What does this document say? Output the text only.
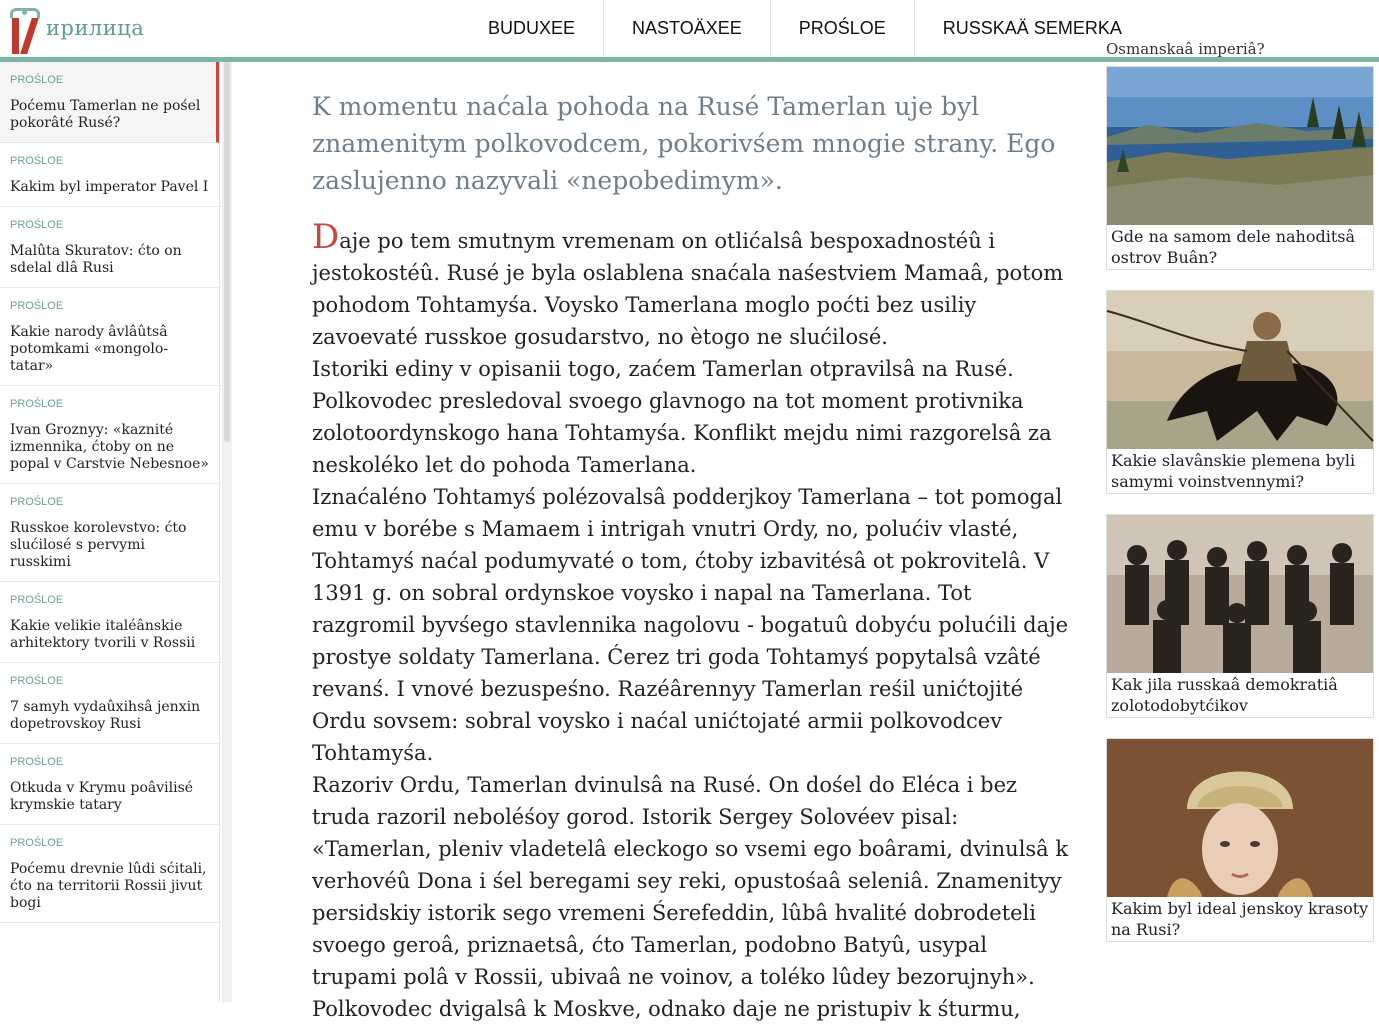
ирилица	BUDUXEE	NASTOÄXEE	PROŚLOE	RUSSKAÄ SEMERKA
PROŚLOE
Poćemu Tamerlan ne pośel pokorâté Rusé?
PROŚLOE
Kakim byl imperator Pavel I
PROŚLOE
Malûta Skuratov: ćto on sdelal dlâ Rusi
PROŚLOE
Kakie narody âvlâûtsâ potomkami «mongolo-tatar»
PROŚLOE
Ivan Groznyy: «kaznité izmennika, ćtoby on ne popal v Carstvie Nebesnoe»
PROŚLOE
Russkoe korolevstvo: ćto slućilosé s pervymi russkimi
PROŚLOE
Kakie velikie italéânskie arhitektory tvorili v Rossii
PROŚLOE
7 samyh vydaûxihsâ jenxin dopetrovskoy Rusi
PROŚLOE
Otkuda v Krymu poâvilisé krymskie tatary
PROŚLOE
Poćemu drevnie lûdi sćitali, ćto na territorii Rossii jivut bogi
K momentu naćala pohoda na Rusé Tamerlan uje byl znamenitym polkovodcem, pokorivśem mnogie strany. Ego zaslujenno nazyvali «nepobedimym».

Daje po tem smutnym vremenam on otlićalsâ bespoxadnostéû i jestokostéû. Rusé je byla oslablena snaćala naśestviem Mamaâ, potom pohodom Tohtamyśa. Voysko Tamerlana moglo poćti bez usiliy zavoevaté russkoe gosudarstvo, no ètogo ne slućilosé.

Istoriki ediny v opisanii togo, zaćem Tamerlan otpravilsâ na Rusé. Polkovodec presledoval svoego glavnogo na tot moment protivnika zolotoordynskogo hana Tohtamyśa. Konflikt mejdu nimi razgorelsâ za neskoléko let do pohoda Tamerlana.

Iznaćaléno Tohtamyś polézovalsâ podderjkoy Tamerlana – tot pomogal emu v borébe s Mamaem i intrigah vnutri Ordy, no, polućiv vlasté, Tohtamyś naćal podumyvaté o tom, ćtoby izbavitésâ ot pokrovitelâ. V 1391 g. on sobral ordynskoe voysko i napal na Tamerlana. Tot razgromil byvśego stavlennika nagolovu - bogatuû dobyću polućili daje prostye soldaty Tamerlana. Ćerez tri goda Tohtamyś popytalsâ vzâté revanś. I vnové bezuspeśno. Razéârennyy Tamerlan reśil unićtojité Ordu sovsem: sobral voysko i naćal unićtojaté armii polkovodcev Tohtamyśa.

Razoriv Ordu, Tamerlan dvinulsâ na Rusé. On dośel do Eléca i bez truda razoril neboléśoy gorod. Istorik Sergey Solovéev pisal: «Tamerlan, pleniv vladetelâ eleckogo so vsemi ego boârami, dvinulsâ k verhovéû Dona i śel beregami sey reki, opustośaâ seleniâ. Znamenityy persidskiy istorik sego vremeni Śerefeddin, lûbâ hvalité dobrodeteli svoego geroâ, priznaetsâ, ćto Tamerlan, podobno Batyû, usypal trupami polâ v Rossii, ubivaâ ne voinov, a toléko lûdey bezorujnyh».

Polkovodec dvigalsâ k Moskve, odnako daje ne pristupiv k śturmu,

Osmanskaâ imperiâ?
Gde na samom dele nahoditsâ ostrov Buân?
Kakie slavânskie plemena byli samymi voinstvennymi?
Kak jila russkaâ demokratiâ zolotodobytćikov
Kakim byl ideal jenskoy krasoty na Rusi?
